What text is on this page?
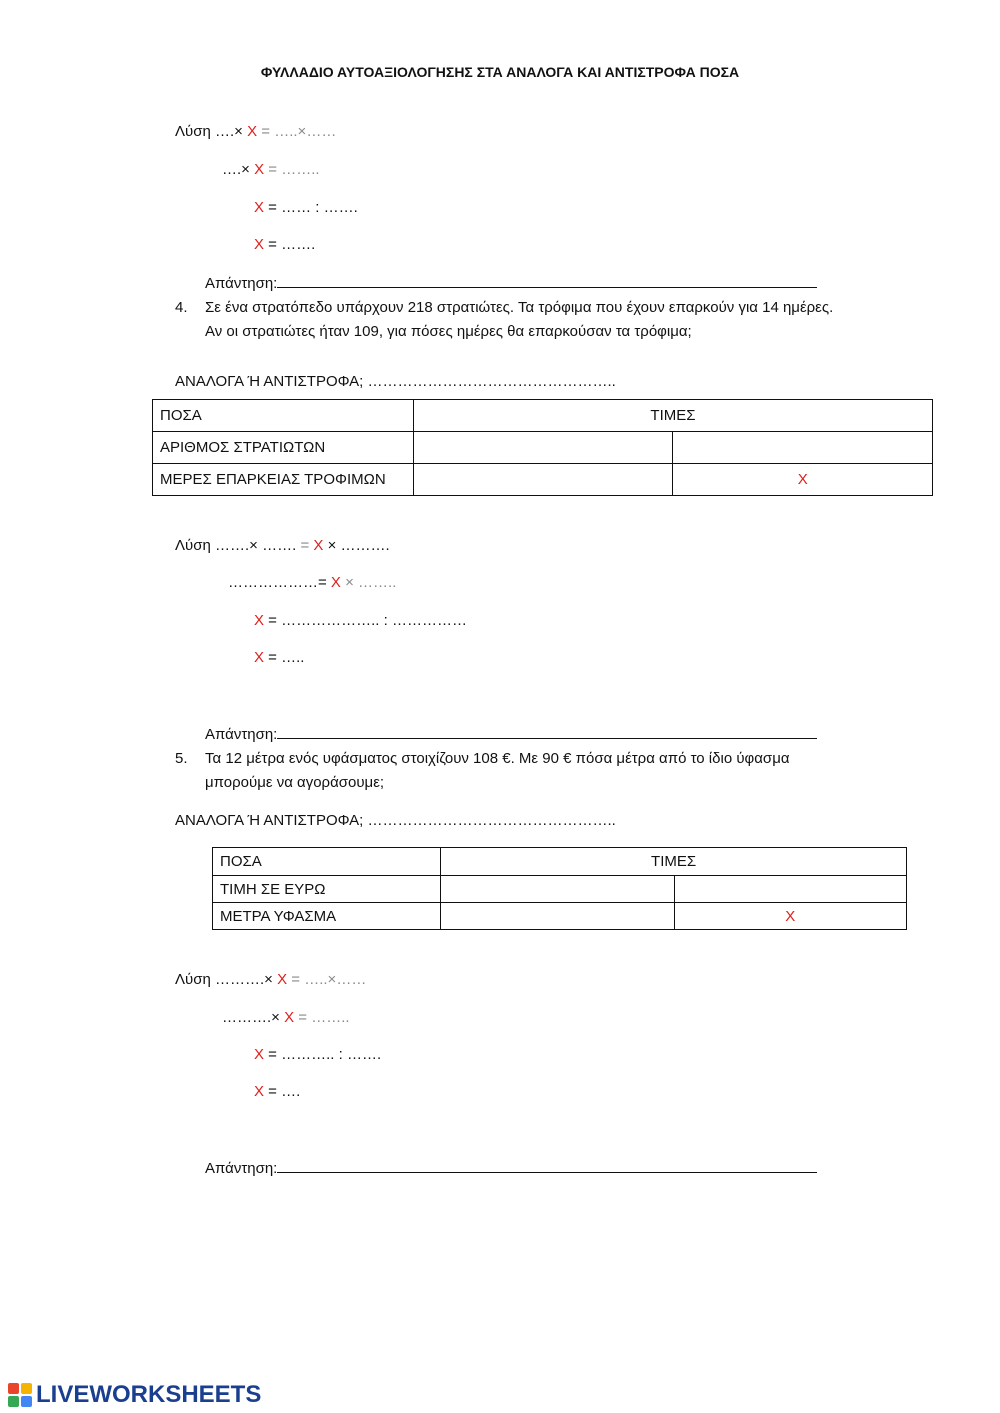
ΦΥΛΛΑΔΙΟ ΑΥΤΟΑΞΙΟΛΟΓΗΣΗΣ ΣΤΑ ΑΝΑΛΟΓΑ ΚΑΙ ΑΝΤΙΣΤΡΟΦΑ ΠΟΣΑ
Λύση ….× Χ = …..×……
….× Χ = ……..
Χ = …… : …….
Χ = …….
Απάντηση:
4. Σε ένα στρατόπεδο υπάρχουν 218 στρατιώτες. Τα τρόφιμα που έχουν επαρκούν για 14 ημέρες. Αν οι στρατιώτες ήταν 109, για πόσες ημέρες θα επαρκούσαν τα τρόφιμα;
ΑΝΑΛΟΓΑ Ή ΑΝΤΙΣΤΡΟΦΑ; …………………………………………..
ΠΟΣΑ	ΤΙΜΕΣ	
ΑΡΙΘΜΟΣ ΣΤΡΑΤΙΩΤΩΝ		
ΜΕΡΕΣ ΕΠΑΡΚΕΙΑΣ ΤΡΟΦΙΜΩΝ		Χ
Λύση …….× ……. = Χ × ……….
………………= Χ × ……..
Χ = ……………….. : ……………
Χ = …..
Απάντηση:
5. Τα 12 μέτρα ενός υφάσματος στοιχίζουν 108 €. Με 90 € πόσα μέτρα από το ίδιο ύφασμα μπορούμε να αγοράσουμε;
ΑΝΑΛΟΓΑ Ή ΑΝΤΙΣΤΡΟΦΑ; …………………………………………..
ΠΟΣΑ	ΤΙΜΕΣ	
ΤΙΜΗ ΣΕ ΕΥΡΩ		
ΜΕΤΡΑ ΥΦΑΣΜΑ		Χ
Λύση ……….× Χ = …..×……
……….× Χ = ……..
Χ = ……….. : …….
Χ = ….
Απάντηση:
LIVEWORKSHEETS
